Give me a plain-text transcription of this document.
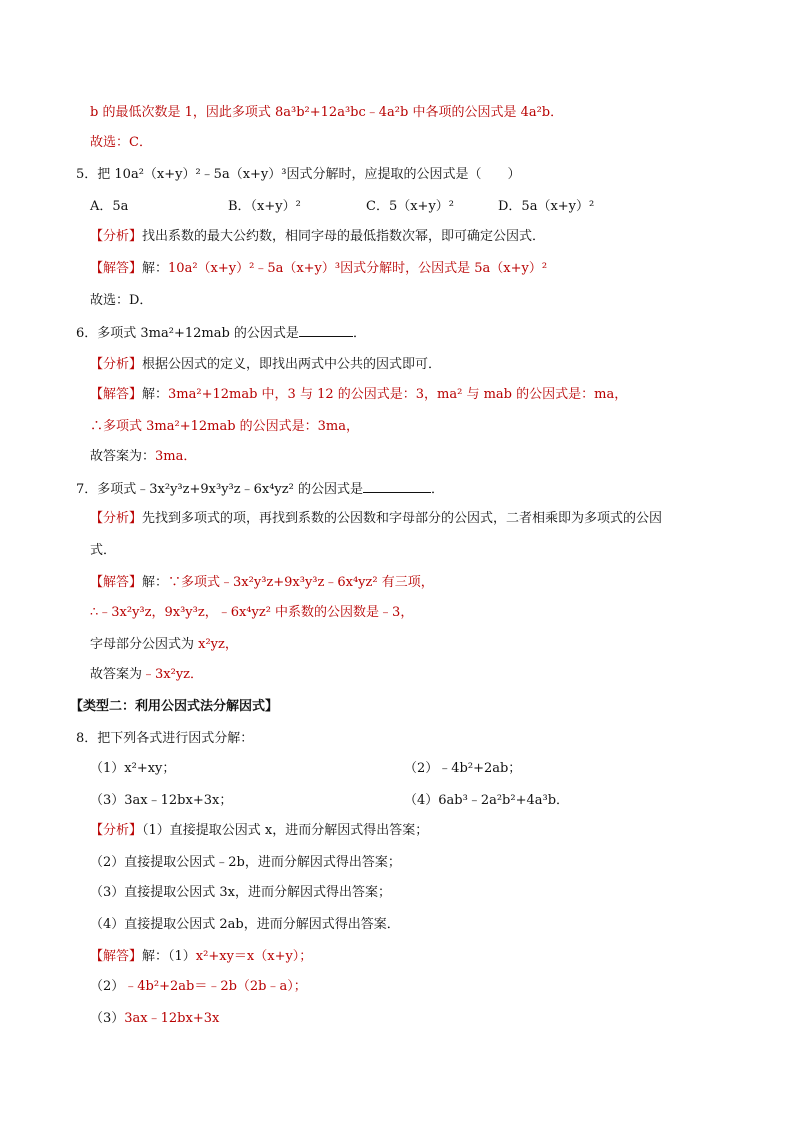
b 的最低次数是 1，因此多项式 8a³b²+12a³bc﹣4a²b 中各项的公因式是 4a²b．
故选：C．
5．把 10a²（x+y）²﹣5a（x+y）³因式分解时，应提取的公因式是（　　）
A．5a	B．（x+y）²	C．5（x+y）²	D．5a（x+y）²
【分析】找出系数的最大公约数，相同字母的最低指数次幂，即可确定公因式．
【解答】解：10a²（x+y）²﹣5a（x+y）³因式分解时，公因式是 5a（x+y）²
故选：D．
6．多项式 3ma²+12mab 的公因式是	．
【分析】根据公因式的定义，即找出两式中公共的因式即可．
【解答】解：3ma²+12mab 中，3 与 12 的公因式是：3，ma² 与 mab 的公因式是：ma，
∴多项式 3ma²+12mab 的公因式是：3ma，
故答案为：3ma．
7．多项式﹣3x²y³z+9x³y³z﹣6x⁴yz² 的公因式是	．
【分析】先找到多项式的项，再找到系数的公因数和字母部分的公因式，二者相乘即为多项式的公因
式．
【解答】解：∵多项式﹣3x²y³z+9x³y³z﹣6x⁴yz² 有三项，
∴﹣3x²y³z，9x³y³z，﹣6x⁴yz² 中系数的公因数是﹣3，
字母部分公因式为 x²yz，
故答案为﹣3x²yz．
【类型二：利用公因式法分解因式】
8．把下列各式进行因式分解：
（1）x²+xy；	（2）﹣4b²+2ab；
（3）3ax﹣12bx+3x；	（4）6ab³﹣2a²b²+4a³b．
【分析】（1）直接提取公因式 x，进而分解因式得出答案；
（2）直接提取公因式﹣2b，进而分解因式得出答案；
（3）直接提取公因式 3x，进而分解因式得出答案；
（4）直接提取公因式 2ab，进而分解因式得出答案．
【解答】解：（1）x²+xy＝x（x+y）；
（2）﹣4b²+2ab＝﹣2b（2b﹣a）；
（3）3ax﹣12bx+3x
